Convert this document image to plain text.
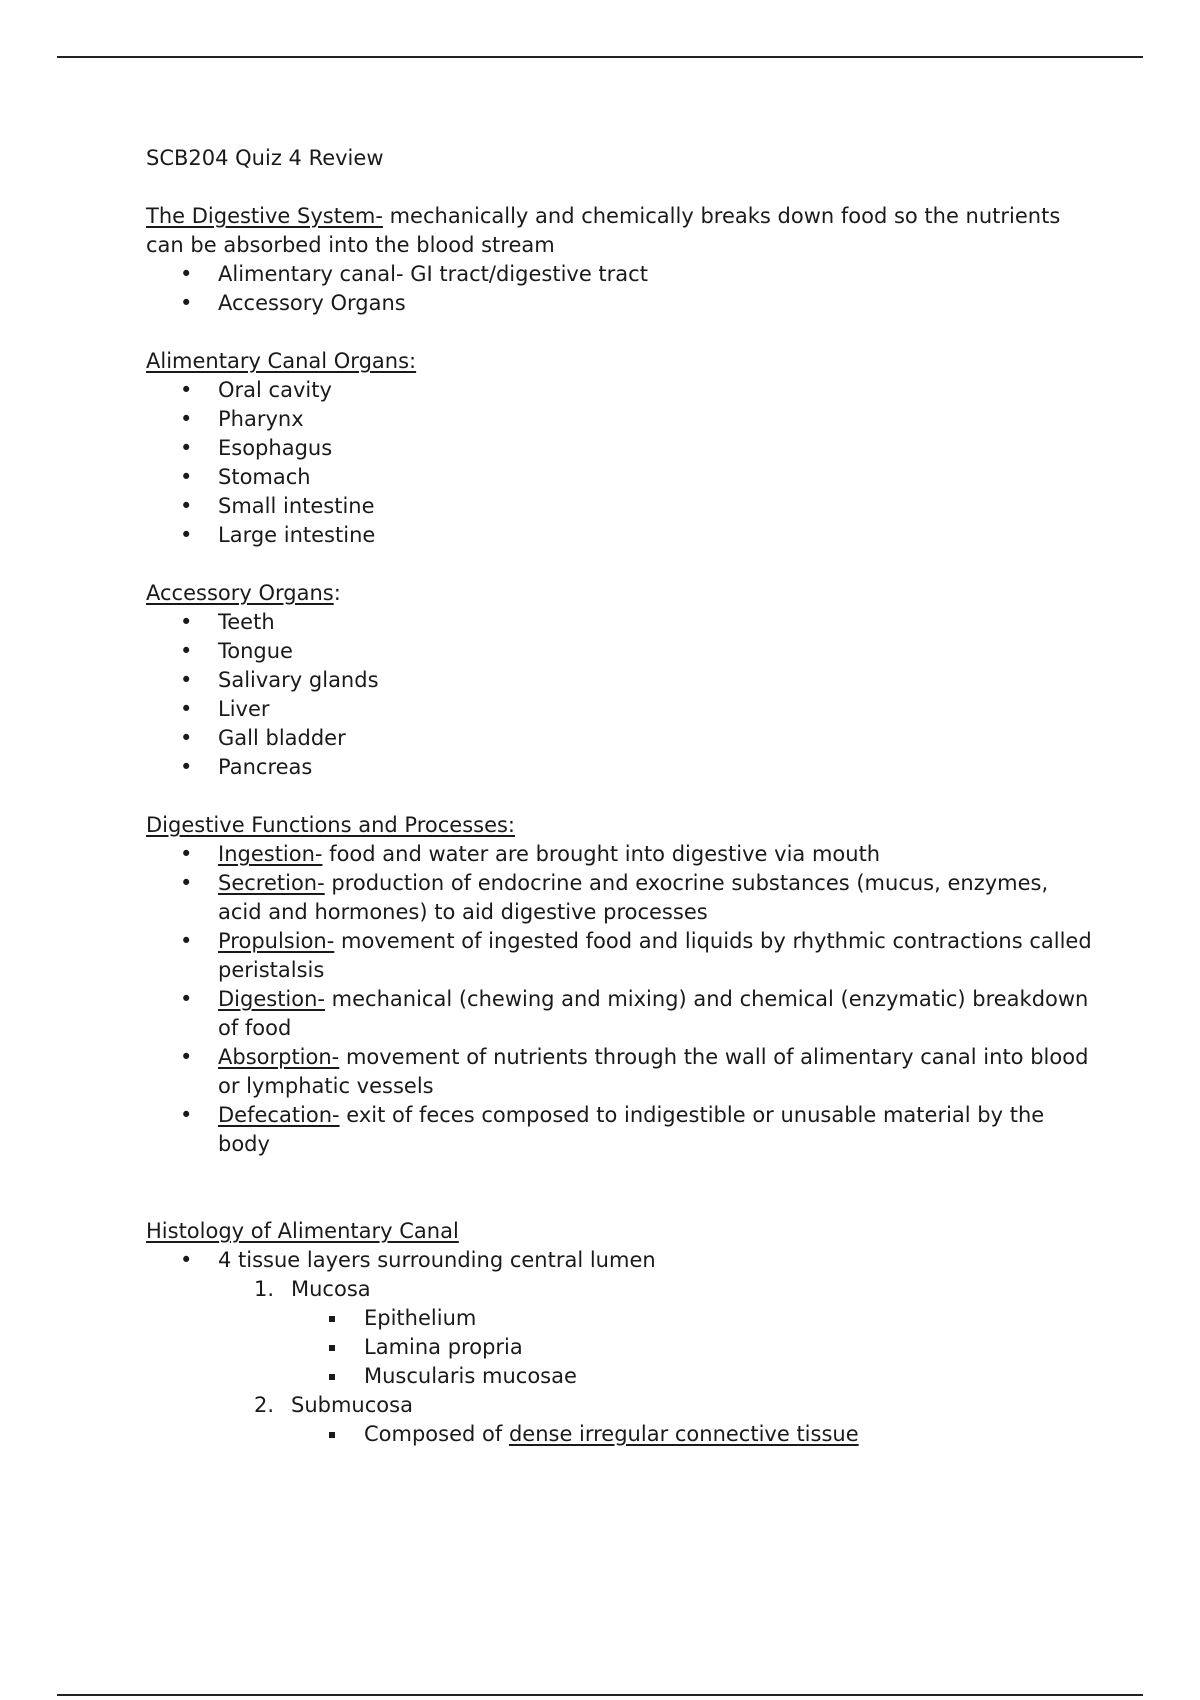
SCB204 Quiz 4 Review

The Digestive System- mechanically and chemically breaks down food so the nutrients can be absorbed into the blood stream

• Alimentary canal- GI tract/digestive tract
• Accessory Organs

Alimentary Canal Organs:

• Oral cavity
• Pharynx
• Esophagus
• Stomach
• Small intestine
• Large intestine

Accessory Organs:

• Teeth
• Tongue
• Salivary glands
• Liver
• Gall bladder
• Pancreas

Digestive Functions and Processes:

• Ingestion- food and water are brought into digestive via mouth
• Secretion- production of endocrine and exocrine substances (mucus, enzymes, acid and hormones) to aid digestive processes
• Propulsion- movement of ingested food and liquids by rhythmic contractions called peristalsis
• Digestion- mechanical (chewing and mixing) and chemical (enzymatic) breakdown of food
• Absorption- movement of nutrients through the wall of alimentary canal into blood or lymphatic vessels
• Defecation- exit of feces composed to indigestible or unusable material by the body

Histology of Alimentary Canal

• 4 tissue layers surrounding central lumen
1. Mucosa
Epithelium
Lamina propria
Muscularis mucosae
2. Submucosa
Composed of dense irregular connective tissue
